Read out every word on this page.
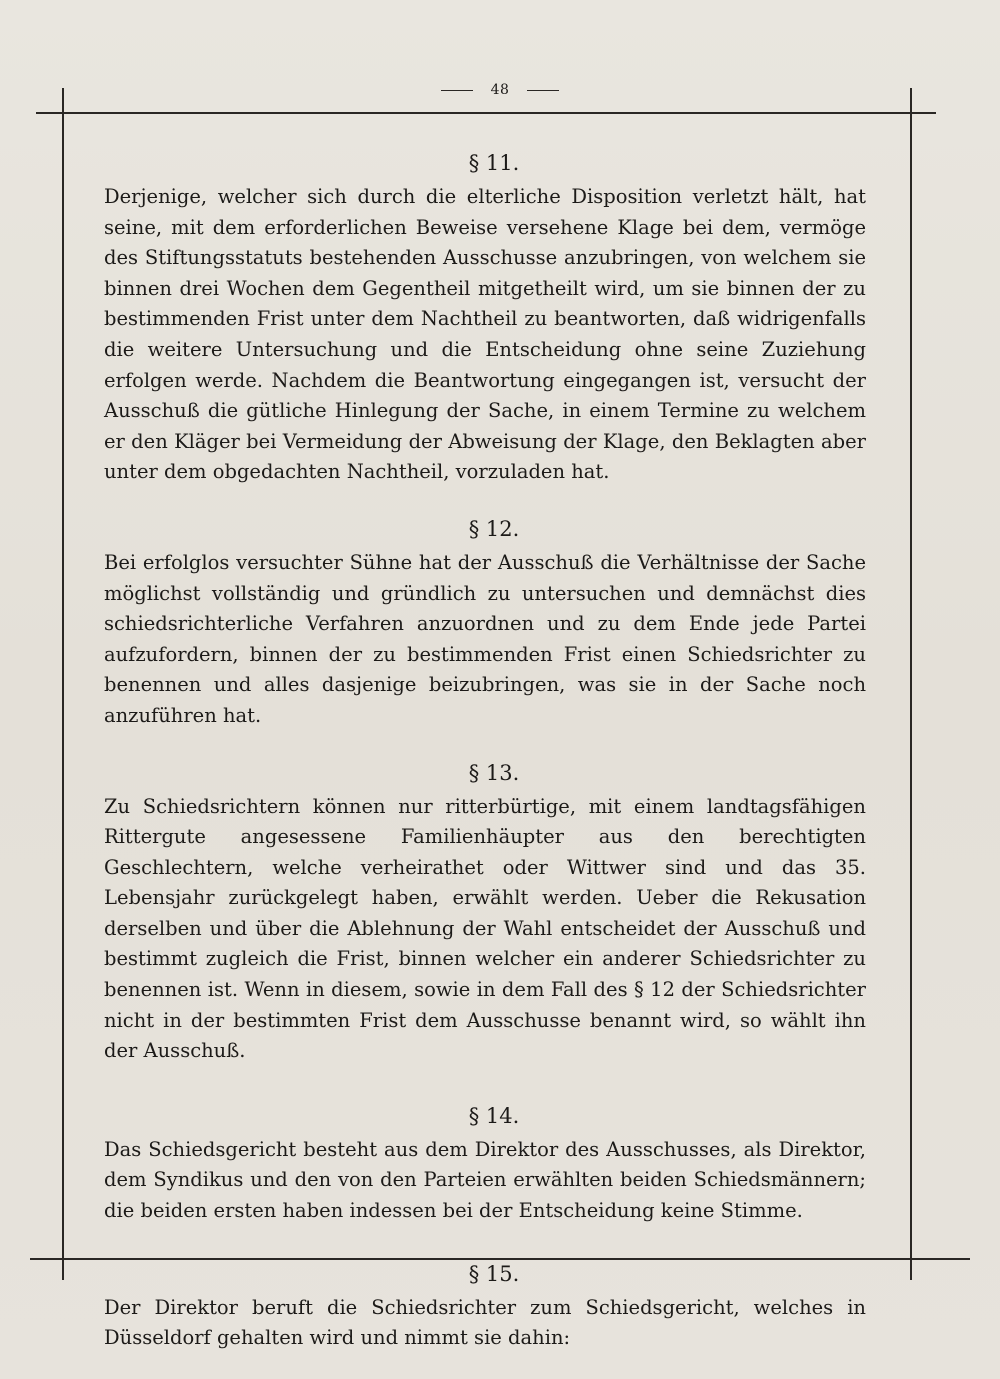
48
§ 11.

Derjenige, welcher sich durch die elterliche Disposition verletzt hält, hat seine, mit dem erforderlichen Beweise versehene Klage bei dem, vermöge des Stiftungsstatuts bestehenden Ausschusse anzubringen, von welchem sie binnen drei Wochen dem Gegentheil mitgetheilt wird, um sie binnen der zu bestimmenden Frist unter dem Nachtheil zu beantworten, daß widrigenfalls die weitere Untersuchung und die Entscheidung ohne seine Zuziehung erfolgen werde. Nachdem die Beantwortung eingegangen ist, versucht der Ausschuß die gütliche Hinlegung der Sache, in einem Termine zu welchem er den Kläger bei Vermeidung der Abweisung der Klage, den Beklagten aber unter dem obgedachten Nachtheil, vorzuladen hat.

§ 12.

Bei erfolglos versuchter Sühne hat der Ausschuß die Verhältnisse der Sache möglichst vollständig und gründlich zu untersuchen und demnächst dies schiedsrichterliche Verfahren anzuordnen und zu dem Ende jede Partei aufzufordern, binnen der zu bestimmenden Frist einen Schiedsrichter zu benennen und alles dasjenige beizubringen, was sie in der Sache noch anzuführen hat.

§ 13.

Zu Schiedsrichtern können nur ritterbürtige, mit einem landtagsfähigen Rittergute angesessene Familienhäupter aus den berechtigten Geschlechtern, welche verheirathet oder Wittwer sind und das 35. Lebensjahr zurückgelegt haben, erwählt werden. Ueber die Rekusation derselben und über die Ablehnung der Wahl entscheidet der Ausschuß und bestimmt zugleich die Frist, binnen welcher ein anderer Schiedsrichter zu benennen ist. Wenn in diesem, sowie in dem Fall des § 12 der Schiedsrichter nicht in der bestimmten Frist dem Ausschusse benannt wird, so wählt ihn der Ausschuß.

§ 14.

Das Schiedsgericht besteht aus dem Direktor des Ausschusses, als Direktor, dem Syndikus und den von den Parteien erwählten beiden Schiedsmännern; die beiden ersten haben indessen bei der Entscheidung keine Stimme.

§ 15.

Der Direktor beruft die Schiedsrichter zum Schiedsgericht, welches in Düsseldorf gehalten wird und nimmt sie dahin:
